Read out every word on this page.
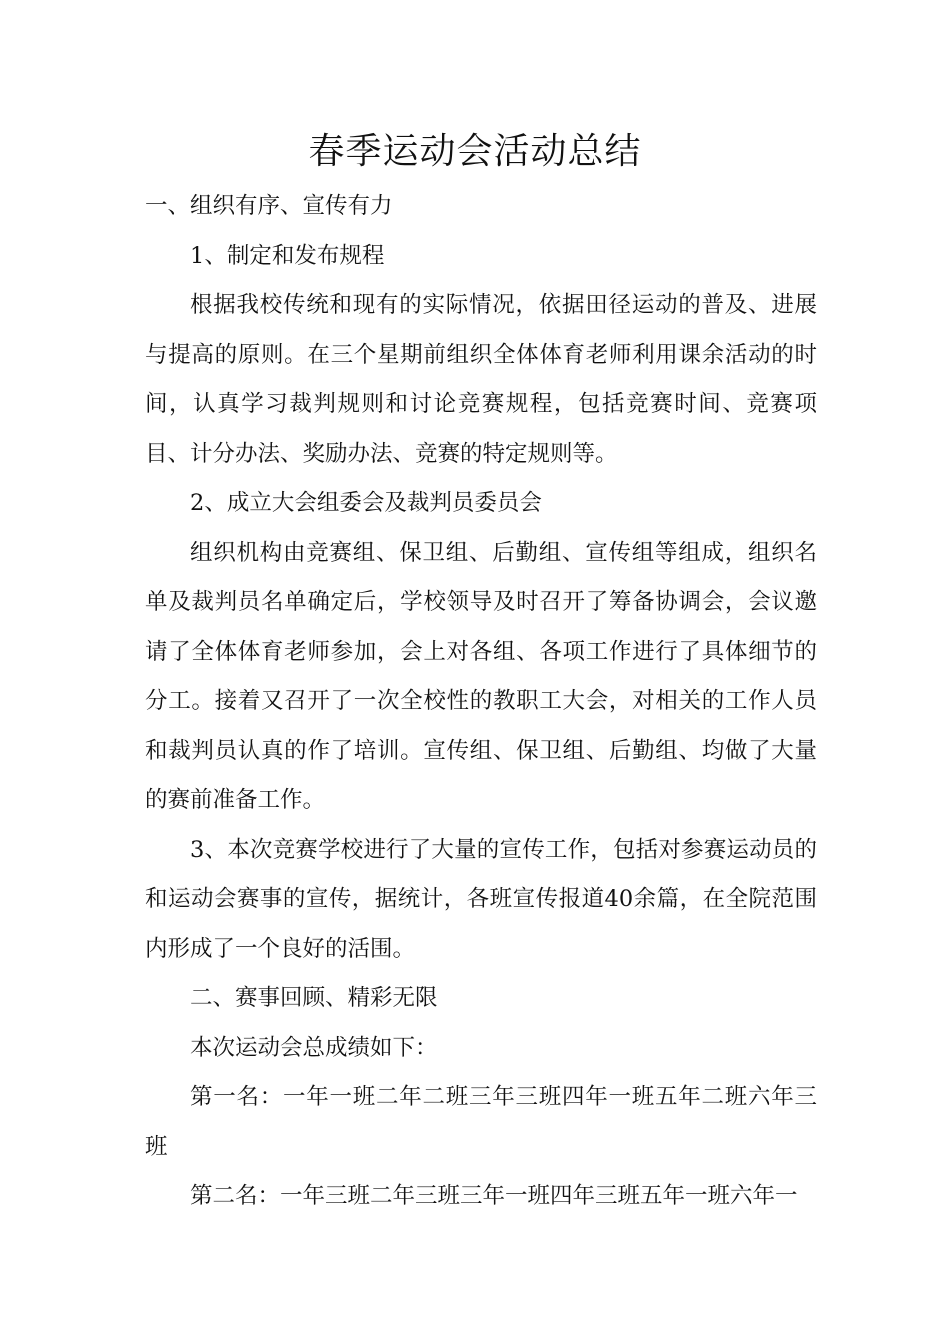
春季运动会活动总结

一、组织有序、宣传有力

1、制定和发布规程

根据我校传统和现有的实际情况，依据田径运动的普及、进展与提高的原则。在三个星期前组织全体体育老师利用课余活动的时间，认真学习裁判规则和讨论竞赛规程，包括竞赛时间、竞赛项目、计分办法、奖励办法、竞赛的特定规则等。

2、成立大会组委会及裁判员委员会

组织机构由竞赛组、保卫组、后勤组、宣传组等组成，组织名单及裁判员名单确定后，学校领导及时召开了筹备协调会，会议邀请了全体体育老师参加，会上对各组、各项工作进行了具体细节的分工。接着又召开了一次全校性的教职工大会，对相关的工作人员和裁判员认真的作了培训。宣传组、保卫组、后勤组、均做了大量的赛前准备工作。

3、本次竞赛学校进行了大量的宣传工作，包括对参赛运动员的和运动会赛事的宣传，据统计，各班宣传报道40余篇，在全院范围内形成了一个良好的活围。

二、赛事回顾、精彩无限

本次运动会总成绩如下：

第一名：一年一班二年二班三年三班四年一班五年二班六年三班

第二名：一年三班二年三班三年一班四年三班五年一班六年一
